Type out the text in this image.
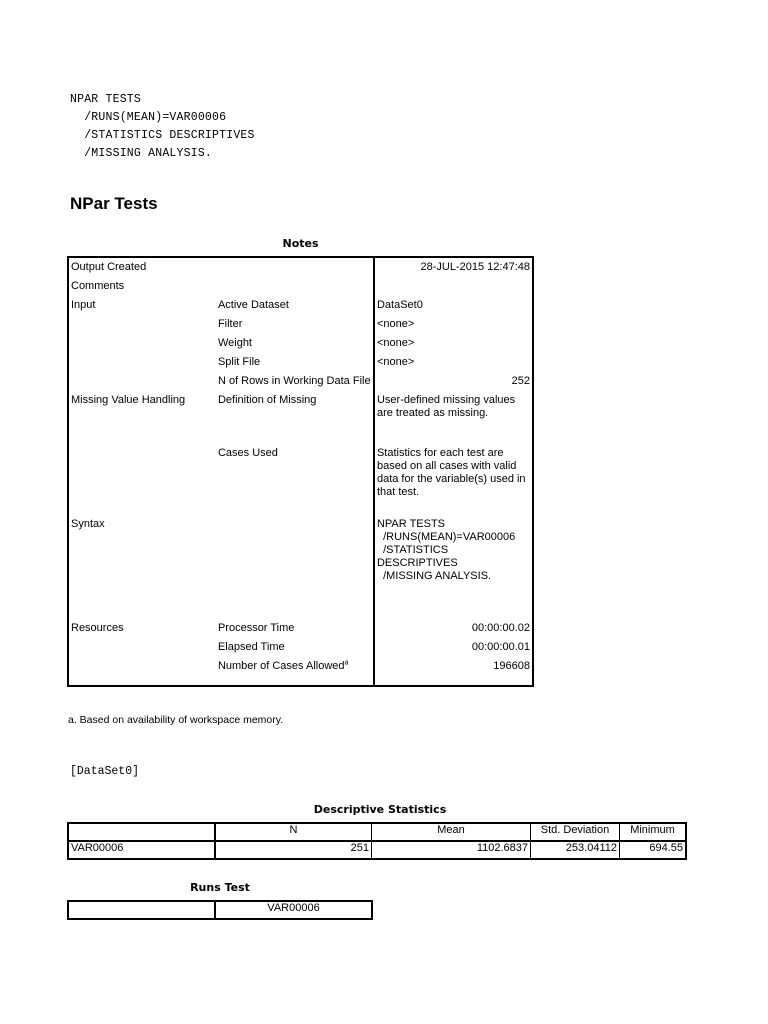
NPAR TESTS
/RUNS(MEAN)=VAR00006
/STATISTICS DESCRIPTIVES
/MISSING ANALYSIS.
NPar Tests
Notes
Output Created		28-JUL-2015 12:47:48
Comments		
Input	Active Dataset	DataSet0
	Filter	<none>
	Weight	<none>
	Split File	<none>
	N of Rows in Working Data File	252
Missing Value Handling	Definition of Missing	User-defined missing values are treated as missing.
	Cases Used	Statistics for each test are based on all cases with valid data for the variable(s) used in that test.
Syntax		NPAR TESTS
/RUNS(MEAN)=VAR00006
/STATISTICS DESCRIPTIVES
/MISSING ANALYSIS.
Resources	Processor Time	00:00:00.02
	Elapsed Time	00:00:00.01
	Number of Cases Allowed$^a$	196608
a. Based on availability of workspace memory.
[DataSet0]
Descriptive Statistics
	N	Mean	Std. Deviation	Minimum
VAR00006	251	1102.6837	253.04112	694.55
Runs Test
	VAR00006
